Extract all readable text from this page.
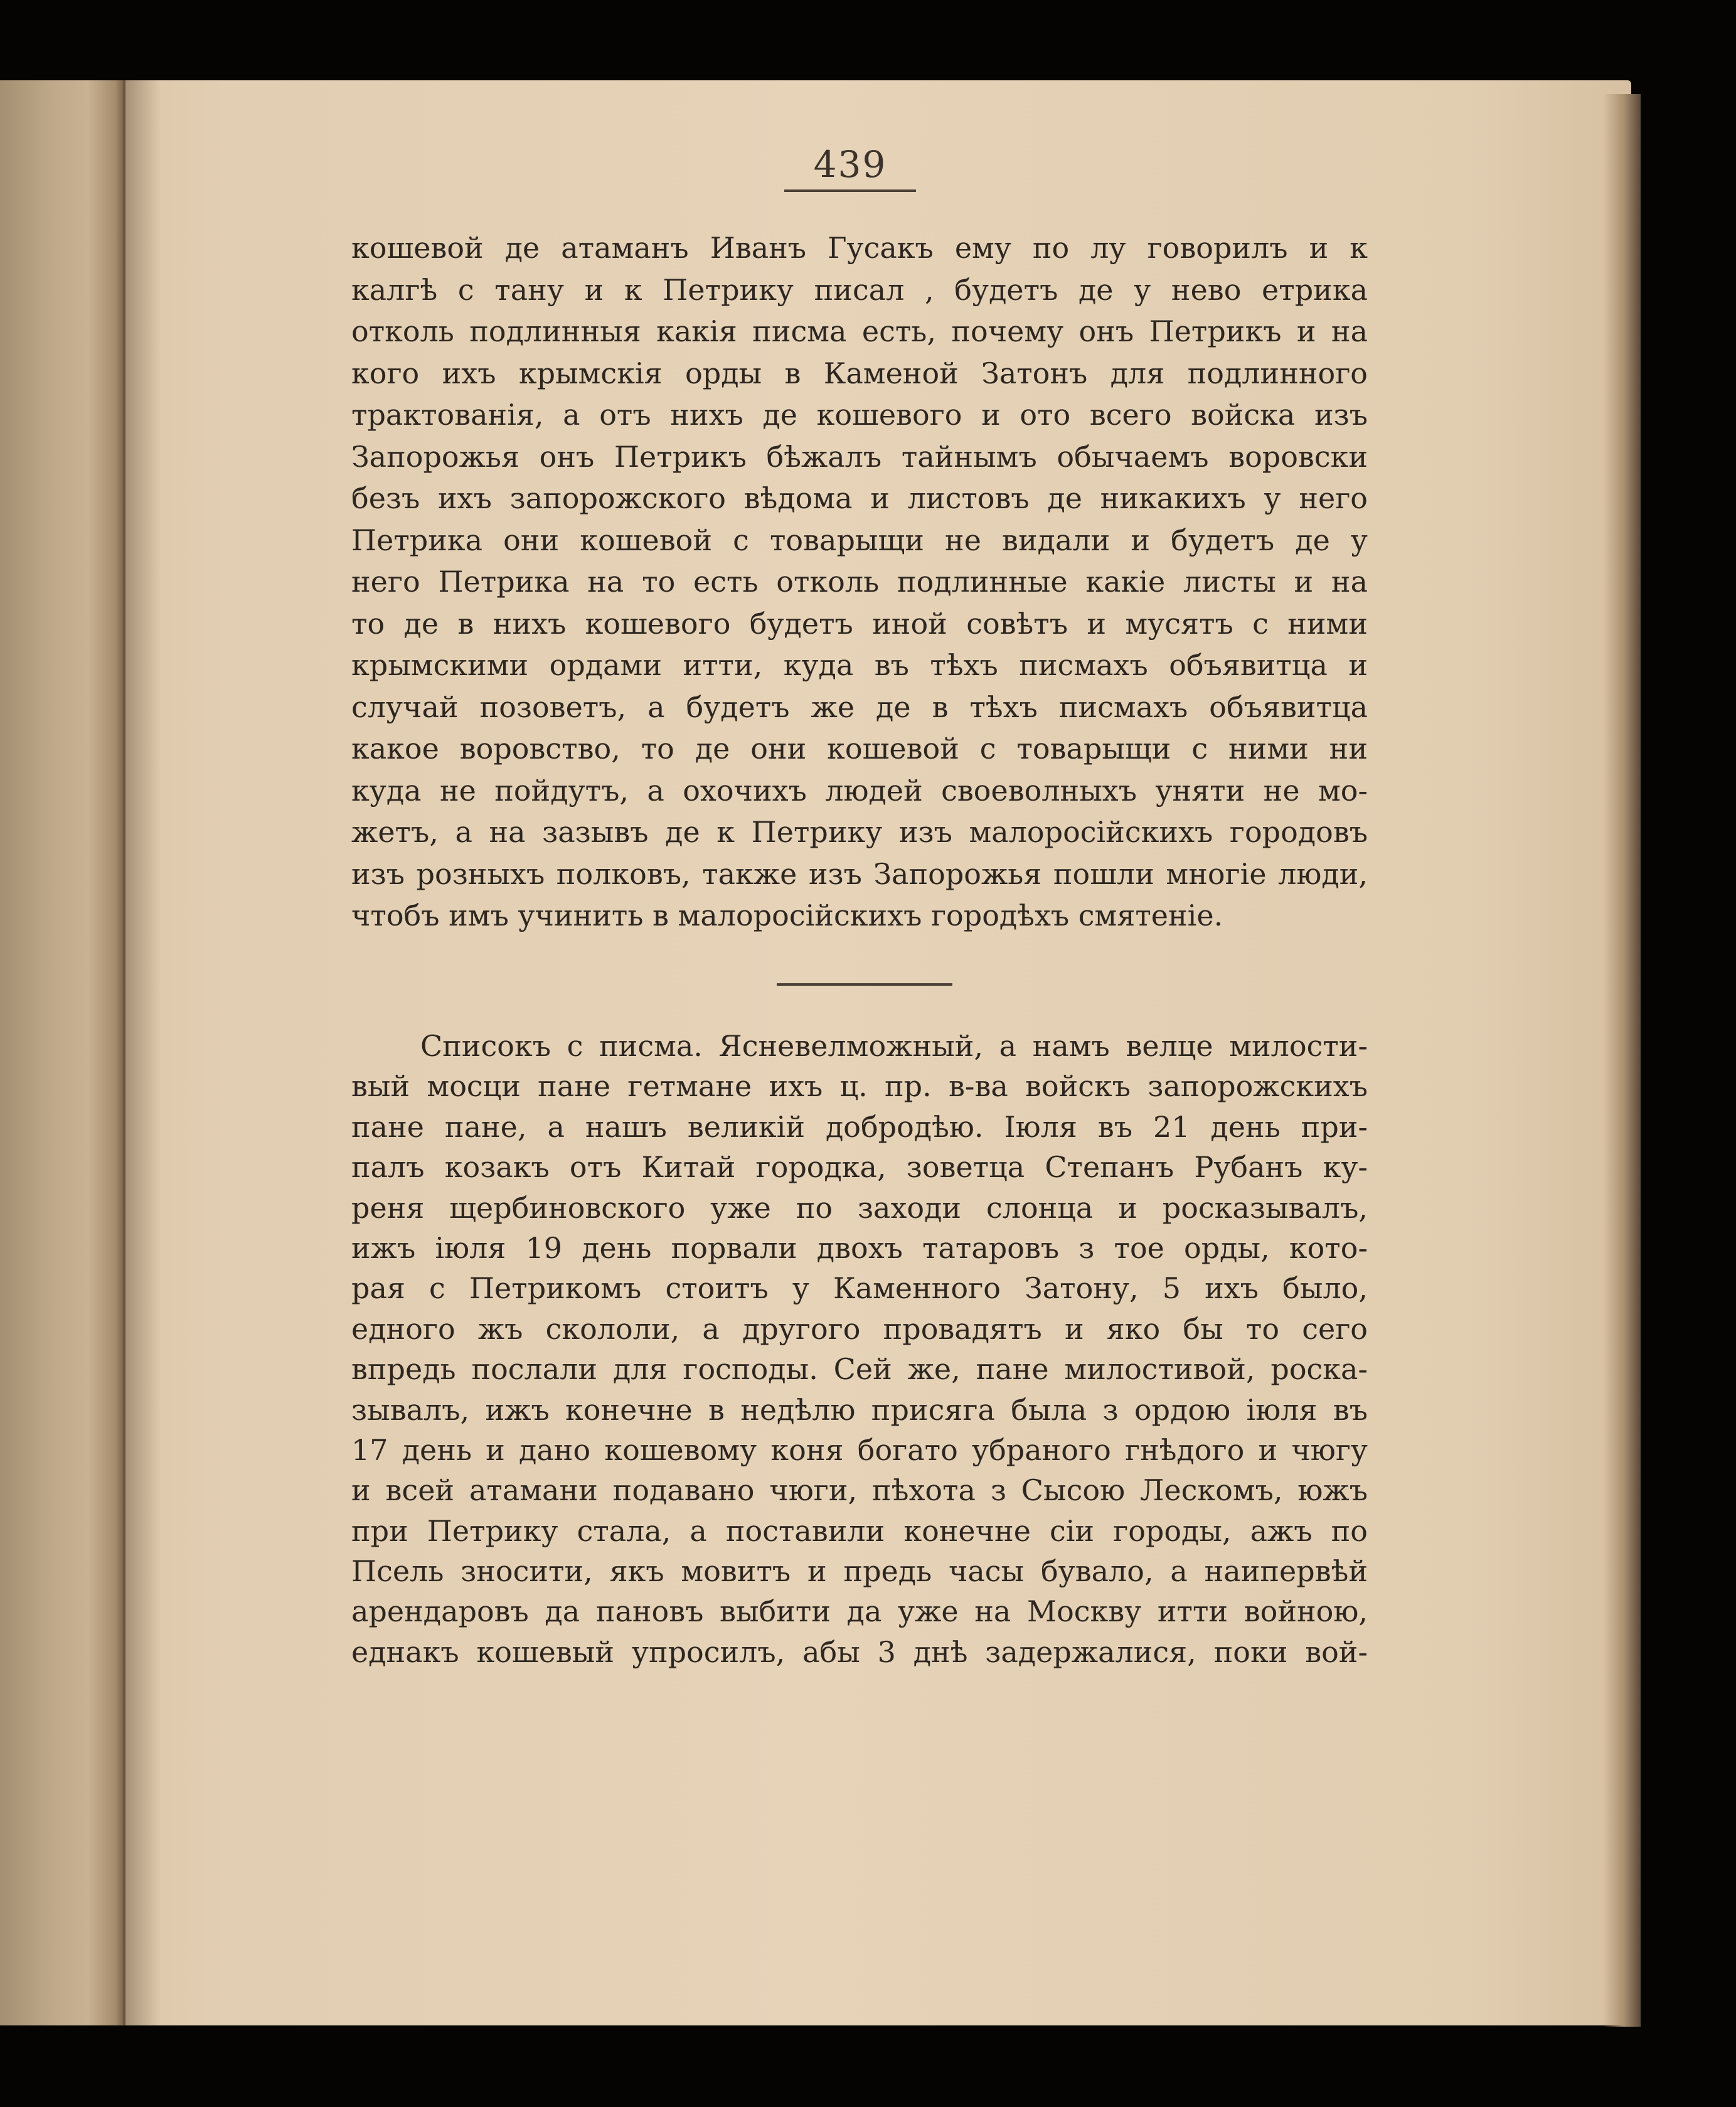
439
кошевой де атаманъ Иванъ Гусакъ ему по лу говорилъ и к
калгѣ с тану и к Петрику писал , будетъ де у нево етрика
отколь подлинныя какія писма есть, почему онъ Петрикъ и на
кого ихъ крымскія орды в Каменой Затонъ для подлинного
трактованія, а отъ нихъ де кошевого и ото всего войска изъ
Запорожья онъ Петрикъ бѣжалъ тайнымъ обычаемъ воровски
безъ ихъ запорожского вѣдома и листовъ де никакихъ у него
Петрика они кошевой с товарыщи не видали и будетъ де у
него Петрика на то есть отколь подлинные какіе листы и на
то де в нихъ кошевого будетъ иной совѣтъ и мусятъ с ними
крымскими ордами итти, куда въ тѣхъ писмахъ объявитца и
случай позоветъ, а будетъ же де в тѣхъ писмахъ объявитца
какое воровство, то де они кошевой с товарыщи с ними ни
куда не пойдутъ, а охочихъ людей своеволныхъ уняти не мо-
жетъ, а на зазывъ де к Петрику изъ малоросійскихъ городовъ
изъ розныхъ полковъ, также изъ Запорожья пошли многіе люди,
чтобъ имъ учинить в малоросійскихъ городѣхъ смятеніе.
Списокъ с писма. Ясневелможный, а намъ велце милости-
вый мосци пане гетмане ихъ ц. пр. в-ва войскъ запорожскихъ
пане пане, а нашъ великій добродѣю. Іюля въ 21 день при-
палъ козакъ отъ Китай городка, зоветца Степанъ Рубанъ ку-
реня щербиновского уже по заходи слонца и росказывалъ,
ижъ іюля 19 день порвали двохъ татаровъ з тое орды, кото-
рая с Петрикомъ стоитъ у Каменного Затону, 5 ихъ было,
едного жъ скололи, а другого провадятъ и яко бы то сего
впредь послали для господы. Сей же, пане милостивой, роска-
зывалъ, ижъ конечне в недѣлю присяга была з ордою іюля въ
17 день и дано кошевому коня богато убраного гнѣдого и чюгу
и всей атамани подавано чюги, пѣхота з Сысою Лескомъ, южъ
при Петрику стала, а поставили конечне сіи городы, ажъ по
Псель зносити, якъ мовитъ и предь часы бувало, а наипервѣй
арендаровъ да пановъ выбити да уже на Москву итти войною,
еднакъ кошевый упросилъ, абы 3 днѣ задержалися, поки вой-
